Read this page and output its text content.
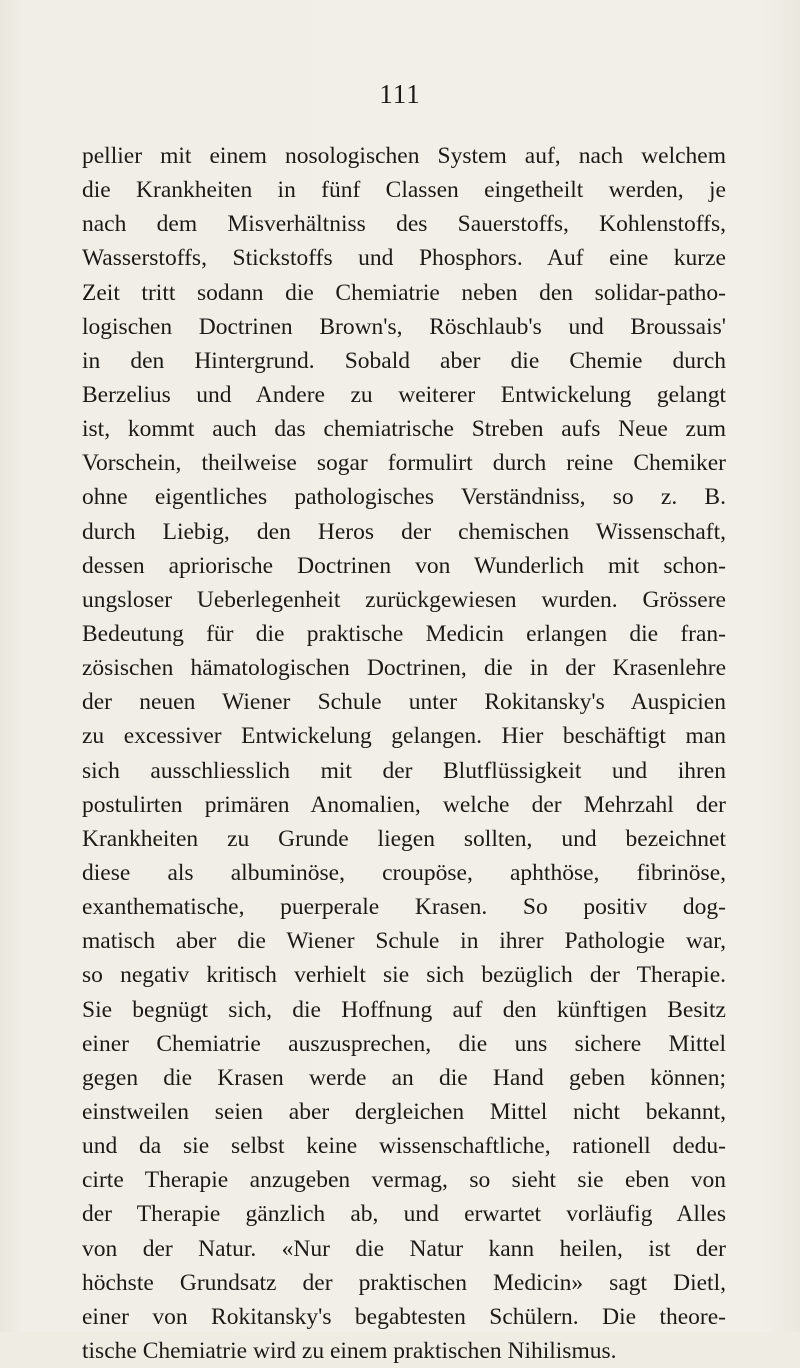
111
pellier mit einem nosologischen System auf, nach welchem
die Krankheiten in fünf Classen eingetheilt werden, je
nach dem Misverhältniss des Sauerstoffs, Kohlenstoffs,
Wasserstoffs, Stickstoffs und Phosphors. Auf eine kurze
Zeit tritt sodann die Chemiatrie neben den solidar-patho-
logischen Doctrinen Brown's, Röschlaub's und Broussais'
in den Hintergrund. Sobald aber die Chemie durch
Berzelius und Andere zu weiterer Entwickelung gelangt
ist, kommt auch das chemiatrische Streben aufs Neue zum
Vorschein, theilweise sogar formulirt durch reine Chemiker
ohne eigentliches pathologisches Verständniss, so z. B.
durch Liebig, den Heros der chemischen Wissenschaft,
dessen apriorische Doctrinen von Wunderlich mit schon-
ungsloser Ueberlegenheit zurückgewiesen wurden. Grössere
Bedeutung für die praktische Medicin erlangen die fran-
zösischen hämatologischen Doctrinen, die in der Krasenlehre
der neuen Wiener Schule unter Rokitansky's Auspicien
zu excessiver Entwickelung gelangen. Hier beschäftigt man
sich ausschliesslich mit der Blutflüssigkeit und ihren
postulirten primären Anomalien, welche der Mehrzahl der
Krankheiten zu Grunde liegen sollten, und bezeichnet
diese als albuminöse, croupöse, aphthöse, fibrinöse,
exanthematische, puerperale Krasen. So positiv dog-
matisch aber die Wiener Schule in ihrer Pathologie war,
so negativ kritisch verhielt sie sich bezüglich der Therapie.
Sie begnügt sich, die Hoffnung auf den künftigen Besitz
einer Chemiatrie auszusprechen, die uns sichere Mittel
gegen die Krasen werde an die Hand geben können;
einstweilen seien aber dergleichen Mittel nicht bekannt,
und da sie selbst keine wissenschaftliche, rationell dedu-
cirte Therapie anzugeben vermag, so sieht sie eben von
der Therapie gänzlich ab, und erwartet vorläufig Alles
von der Natur. «Nur die Natur kann heilen, ist der
höchste Grundsatz der praktischen Medicin» sagt Dietl,
einer von Rokitansky's begabtesten Schülern. Die theore-
tische Chemiatrie wird zu einem praktischen Nihilismus.
